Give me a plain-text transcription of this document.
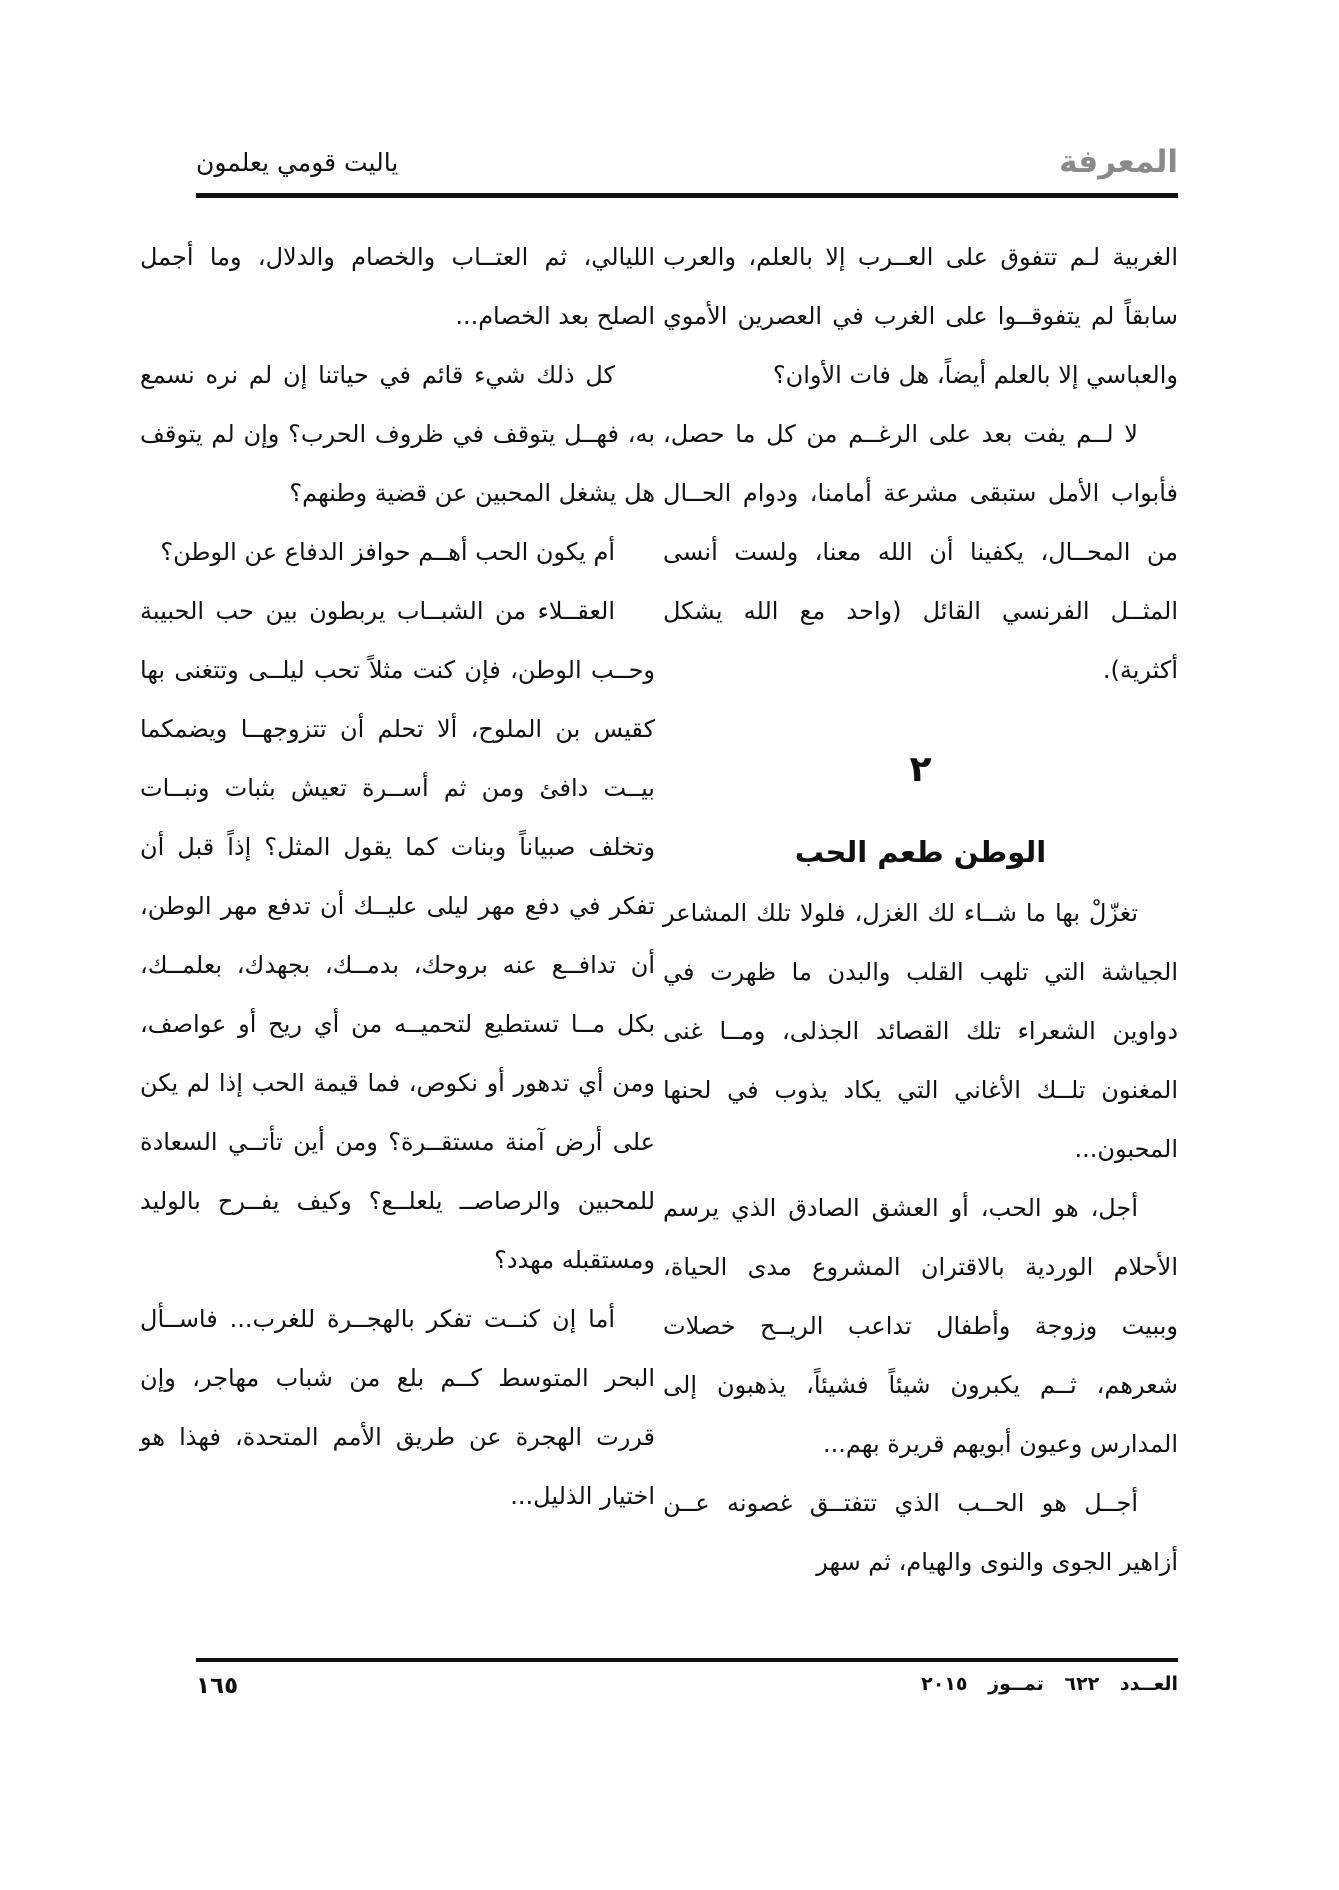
المعرفة
ياليت قومي يعلمون

الغربية لـم تتفوق على العــرب إلا بالعلم، والعرب سابقاً لم يتفوقــوا على الغرب في العصرين الأموي والعباسي إلا بالعلم أيضاً، هل فات الأوان؟

لا لــم يفت بعد على الرغــم من كل ما حصل، فأبواب الأمل ستبقى مشرعة أمامنا، ودوام الحــال من المحــال، يكفينا أن الله معنا، ولست أنسى المثــل الفرنسي القائل (واحد مع الله يشكل أكثرية).

٢

الوطن طعم الحب

تغزّلْ بها ما شــاء لك الغزل، فلولا تلك المشاعر الجياشة التي تلهب القلب والبدن ما ظهرت في دواوين الشعراء تلك القصائد الجذلى، ومــا غنى المغنون تلــك الأغاني التي يكاد يذوب في لحنها المحبون...

أجل، هو الحب، أو العشق الصادق الذي يرسم الأحلام الوردية بالاقتران المشروع مدى الحياة، وببيت وزوجة وأطفال تداعب الريــح خصلات شعرهم، ثــم يكبرون شيئاً فشيئاً، يذهبون إلى المدارس وعيون أبويهم قريرة بهم...

أجــل هو الحــب الذي تتفتــق غصونه عــن أزاهير الجوى والنوى والهيام، ثم سهر

الليالي، ثم العتــاب والخصام والدلال، وما أجمل الصلح بعد الخصام...

كل ذلك شيء قائم في حياتنا إن لم نره نسمع به، فهــل يتوقف في ظروف الحرب؟ وإن لم يتوقف هل يشغل المحبين عن قضية وطنهم؟

أم يكون الحب أهــم حوافز الدفاع عن الوطن؟

العقــلاء من الشبــاب يربطون بين حب الحبيبة وحــب الوطن، فإن كنت مثلاً تحب ليلــى وتتغنى بها كقيس بن الملوح، ألا تحلم أن تتزوجهــا ويضمكما بيــت دافئ ومن ثم أســرة تعيش بثبات ونبــات وتخلف صبياناً وبنات كما يقول المثل؟ إذاً قبل أن تفكر في دفع مهر ليلى عليــك أن تدفع مهر الوطن، أن تدافــع عنه بروحك، بدمــك، بجهدك، بعلمــك، بكل مــا تستطيع لتحميــه من أي ريح أو عواصف، ومن أي تدهور أو نكوص، فما قيمة الحب إذا لم يكن على أرض آمنة مستقــرة؟ ومن أين تأتــي السعادة للمحبين والرصاصــ يلعلــع؟ وكيف يفــرح بالوليد ومستقبله مهدد؟

أما إن كنــت تفكر بالهجــرة للغرب... فاســأل البحر المتوسط كــم بلع من شباب مهاجر، وإن قررت الهجرة عن طريق الأمم المتحدة، فهذا هو اختيار الذليل...

١٦٥	العــدد ٦٢٢ تمــوز ٢٠١٥
